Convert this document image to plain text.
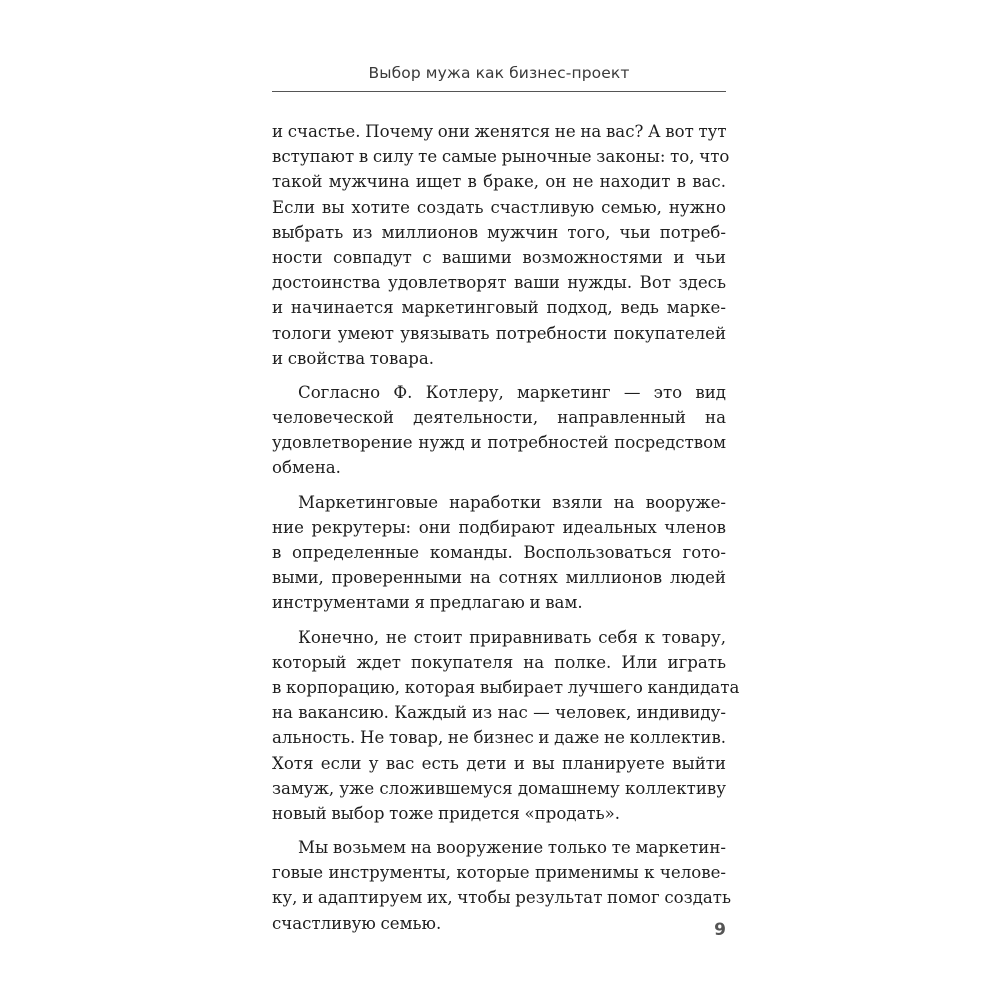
Выбор мужа как бизнес-проект
и счастье. Почему они женятся не на вас? А вот тут
вступают в силу те самые рыночные законы: то, что
такой мужчина ищет в браке, он не находит в вас.
Если вы хотите создать счастливую семью, нужно
выбрать из миллионов мужчин того, чьи потреб-
ности совпадут с вашими возможностями и чьи
достоинства удовлетворят ваши нужды. Вот здесь
и начинается маркетинговый подход, ведь марке-
тологи умеют увязывать потребности покупателей
и свойства товара.
Согласно Ф. Котлеру, маркетинг — это вид
человеческой деятельности, направленный на
удовлетворение нужд и потребностей посредством
обмена.
Маркетинговые наработки взяли на вооруже-
ние рекрутеры: они подбирают идеальных членов
в определенные команды. Воспользоваться гото-
выми, проверенными на сотнях миллионов людей
инструментами я предлагаю и вам.
Конечно, не стоит приравнивать себя к товару,
который ждет покупателя на полке. Или играть
в корпорацию, которая выбирает лучшего кандидата
на вакансию. Каждый из нас — человек, индивиду-
альность. Не товар, не бизнес и даже не коллектив.
Хотя если у вас есть дети и вы планируете выйти
замуж, уже сложившемуся домашнему коллективу
новый выбор тоже придется «продать».
Мы возьмем на вооружение только те маркетин-
говые инструменты, которые применимы к челове-
ку, и адаптируем их, чтобы результат помог создать
счастливую семью.	9
